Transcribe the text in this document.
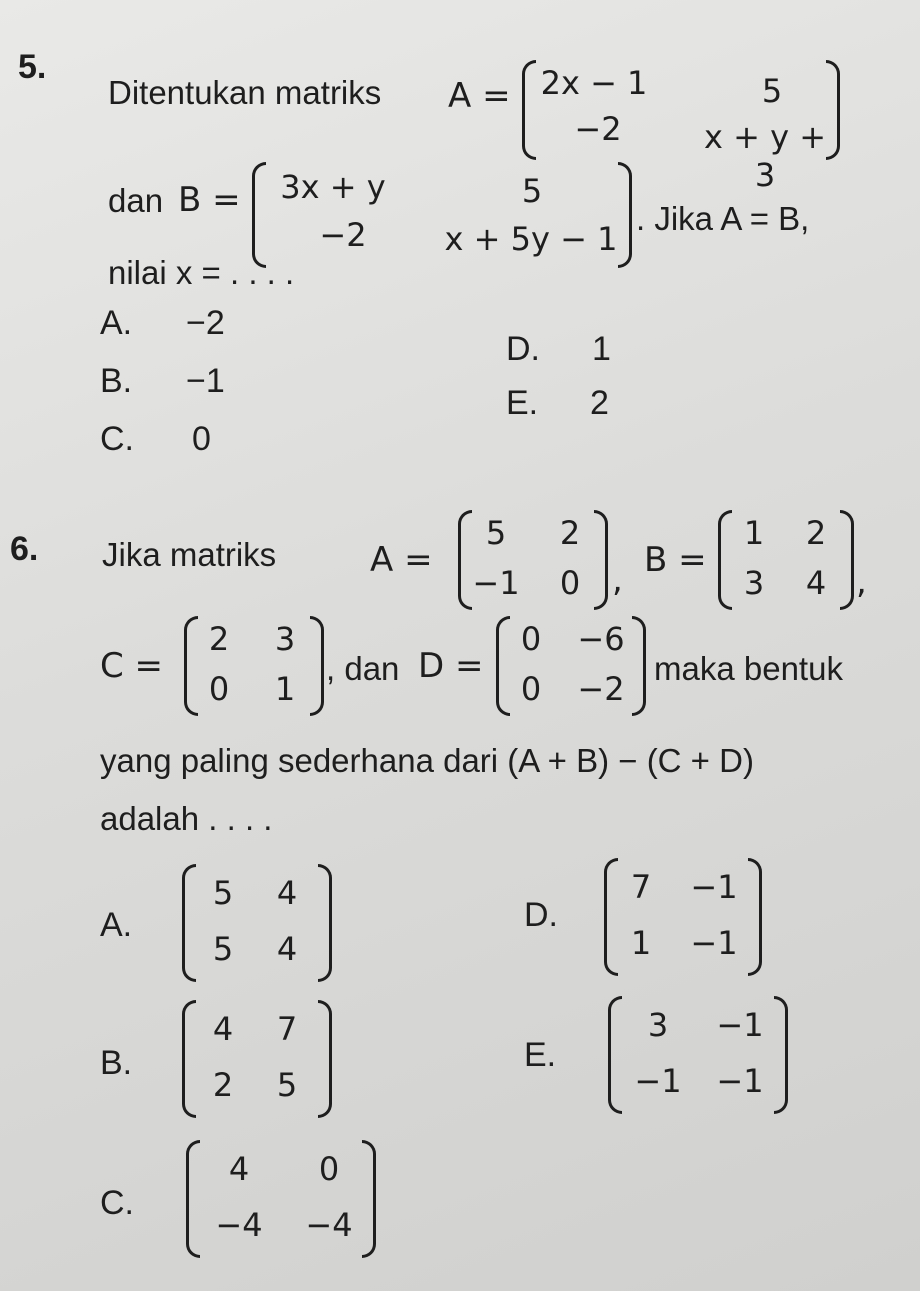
5.
Ditentukan matriks A = 2x − 1	5
−2	x + y + 3
dan B =	3x + y	5
−2	x + 5y − 1
. Jika A = B,
nilai x = . . . .
A. −2
B. −1
C. 0
D. 1
E. 2
6. Jika matriks	A =
5	2
−1	0 , B =
1	2
3	4 ,
C =
2	3
0	1
, dan D =
0	−6
0	−2
maka bentuk
yang paling sederhana dari (A + B) − (C + D)
adalah . . . .
A.
5	4
5	4
B.
4	7
2	5
C.
4	0
−4	−4
D.
7	−1
1	−1
E.
3	−1
−1	−1
